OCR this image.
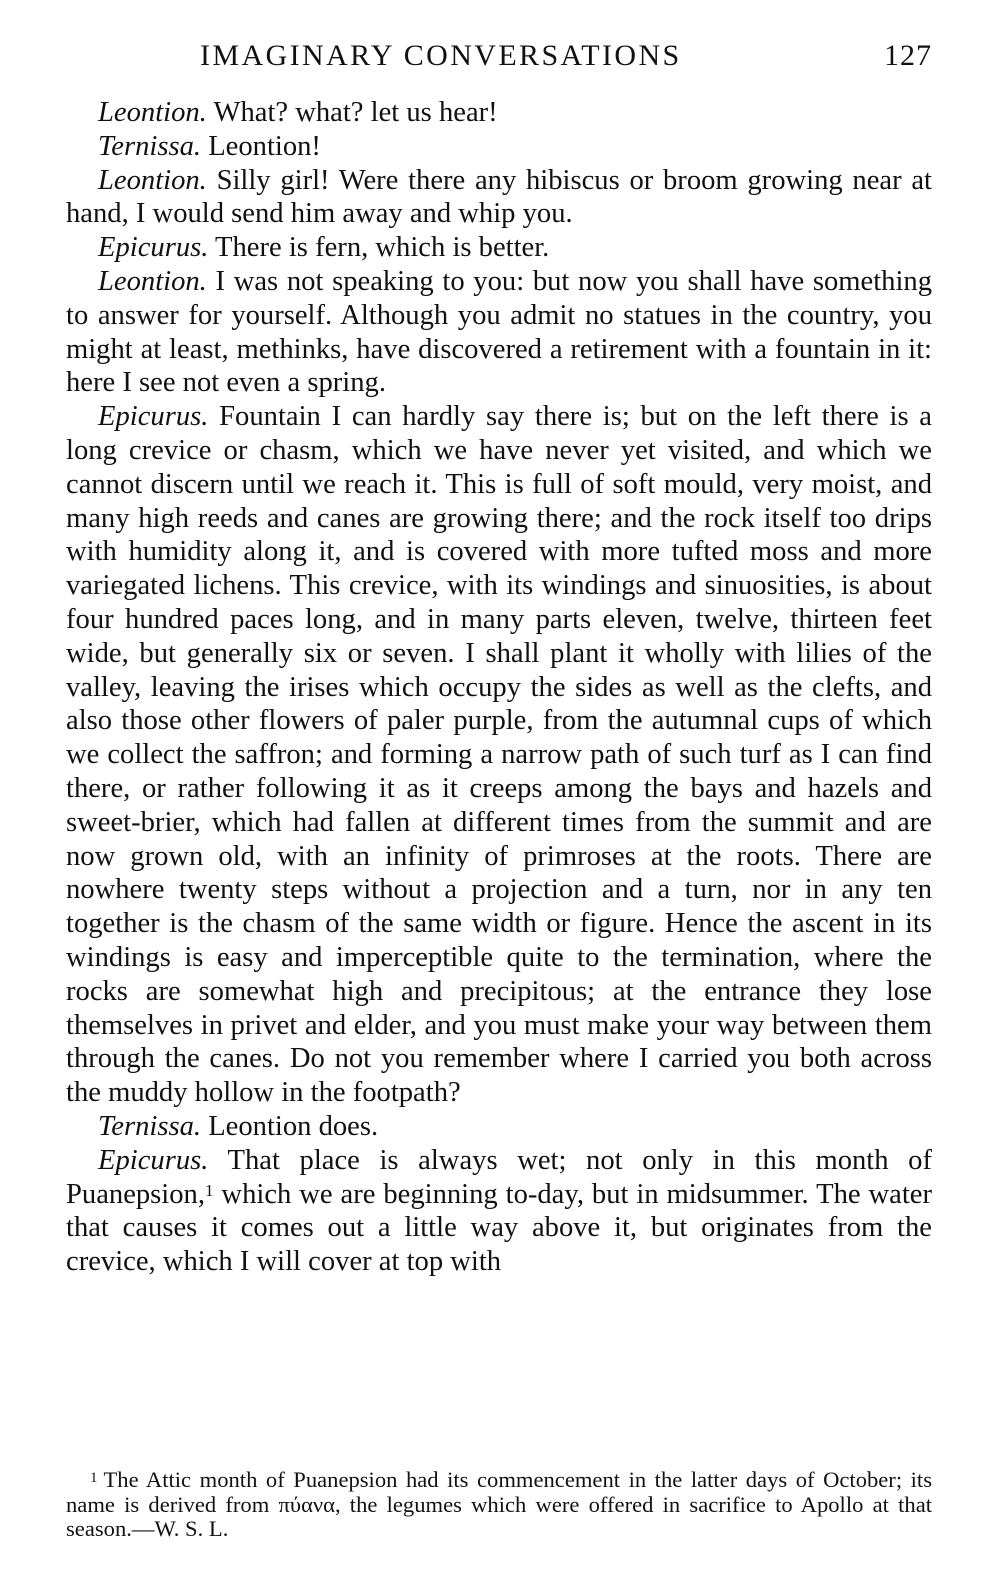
IMAGINARY CONVERSATIONS	127

Leontion. What? what? let us hear!

Ternissa. Leontion!

Leontion. Silly girl! Were there any hibiscus or broom growing near at hand, I would send him away and whip you.

Epicurus. There is fern, which is better.

Leontion. I was not speaking to you: but now you shall have something to answer for yourself. Although you admit no statues in the country, you might at least, methinks, have discovered a retirement with a fountain in it: here I see not even a spring.

Epicurus. Fountain I can hardly say there is; but on the left there is a long crevice or chasm, which we have never yet visited, and which we cannot discern until we reach it. This is full of soft mould, very moist, and many high reeds and canes are growing there; and the rock itself too drips with humidity along it, and is covered with more tufted moss and more variegated lichens. This crevice, with its windings and sinuosities, is about four hundred paces long, and in many parts eleven, twelve, thirteen feet wide, but generally six or seven. I shall plant it wholly with lilies of the valley, leaving the irises which occupy the sides as well as the clefts, and also those other flowers of paler purple, from the autumnal cups of which we collect the saffron; and forming a narrow path of such turf as I can find there, or rather following it as it creeps among the bays and hazels and sweet-brier, which had fallen at different times from the summit and are now grown old, with an infinity of primroses at the roots. There are nowhere twenty steps without a projection and a turn, nor in any ten together is the chasm of the same width or figure. Hence the ascent in its windings is easy and imperceptible quite to the termination, where the rocks are somewhat high and precipitous; at the entrance they lose themselves in privet and elder, and you must make your way between them through the canes. Do not you remember where I carried you both across the muddy hollow in the footpath?

Ternissa. Leontion does.

Epicurus. That place is always wet; not only in this month of Puanepsion,$^1$ which we are beginning to-day, but in midsummer. The water that causes it comes out a little way above it, but originates from the crevice, which I will cover at top with

$^1$ The Attic month of Puanepsion had its commencement in the latter days of October; its name is derived from πύανα, the legumes which were offered in sacrifice to Apollo at that season.—W. S. L.
